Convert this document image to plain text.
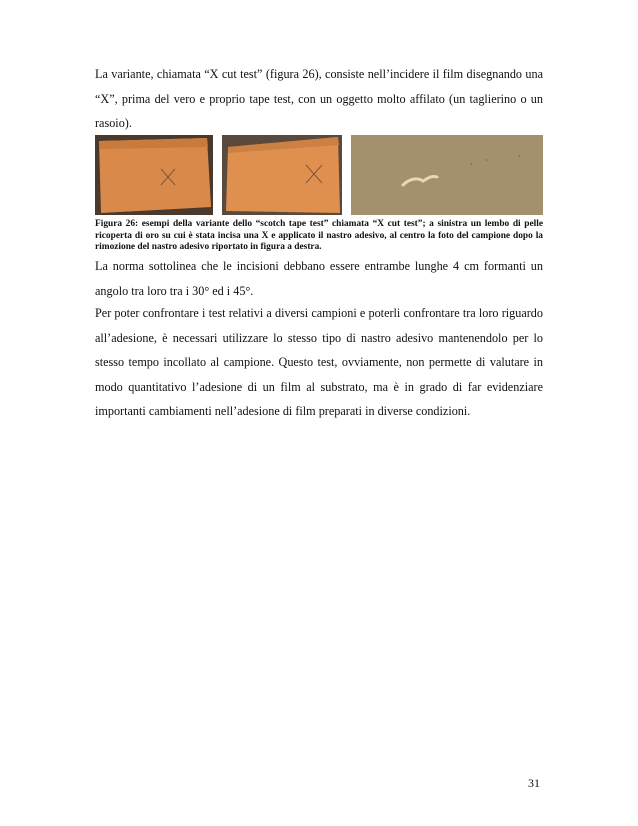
La variante, chiamata “X cut test” (figura 26), consiste nell’incidere il film disegnando una “X”, prima del vero e proprio tape test, con un oggetto molto affilato (un taglierino o un rasoio).

Figura 26: esempi della variante dello “scotch tape test” chiamata “X cut test”; a sinistra un lembo di pelle ricoperta di oro su cui è stata incisa una X e applicato il nastro adesivo, al centro la foto del campione dopo la rimozione del nastro adesivo riportato in figura a destra.

La norma sottolinea che le incisioni debbano essere entrambe lunghe 4 cm formanti un angolo tra loro tra i 30° ed i 45°.

Per poter confrontare i test relativi a diversi campioni e poterli confrontare tra loro riguardo all’adesione, è necessari utilizzare lo stesso tipo di nastro adesivo mantenendolo per lo stesso tempo incollato al campione. Questo test, ovviamente, non permette di valutare in modo quantitativo l’adesione di un film al substrato, ma è in grado di far evidenziare importanti cambiamenti nell’adesione di film preparati in diverse condizioni.

31
